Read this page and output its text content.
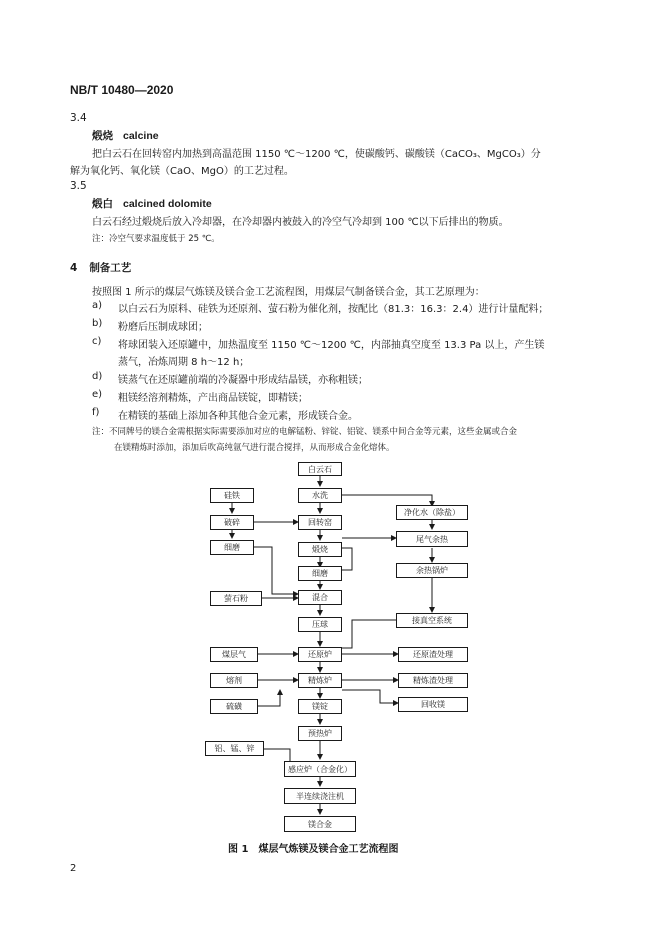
NB/T 10480—2020
3.4
煅烧 calcine
把白云石在回转窑内加热到高温范围 1150 ℃～1200 ℃，使碳酸钙、碳酸镁（CaCO₃、MgCO₃）分
解为氧化钙、氧化镁（CaO、MgO）的工艺过程。
3.5
煅白 calcined dolomite
白云石经过煅烧后放入冷却器，在冷却器内被鼓入的冷空气冷却到 100 ℃以下后排出的物质。
注：冷空气要求温度低于 25 ℃。
4 制备工艺
按照图 1 所示的煤层气炼镁及镁合金工艺流程图，用煤层气制备镁合金，其工艺原理为：
a) 以白云石为原料、硅铁为还原剂、萤石粉为催化剂，按配比（81.3：16.3：2.4）进行计量配料；
b) 粉磨后压制成球团；
c) 将球团装入还原罐中，加热温度至 1150 ℃～1200 ℃，内部抽真空度至 13.3 Pa 以上，产生镁
蒸气，冶炼周期 8 h～12 h；
d) 镁蒸气在还原罐前端的冷凝器中形成结晶镁，亦称粗镁；
e) 粗镁经溶剂精炼，产出商品镁锭，即精镁；
f) 在精镁的基础上添加各种其他合金元素，形成镁合金。
注：不同牌号的镁合金需根据实际需要添加对应的电解锰粉、锌锭、铝锭、镁系中间合金等元素，这些金属或合金
在镁精炼时添加，添加后吹高纯氩气进行混合搅拌，从而形成合金化熔体。
白云石
水洗
硅铁
破碎	回转窑
细磨	煅烧
细磨
萤石粉	混合
压球
煤层气	还原炉
熔剂	精炼炉
硫磺	镁锭
预热炉
铝、锰、锌
感应炉（合金化）
半连续浇注机
镁合金
净化水（除盐）
尾气余热
余热锅炉
接真空系统
还原渣处理
精炼渣处理
回收镁
图 1　煤层气炼镁及镁合金工艺流程图
2
